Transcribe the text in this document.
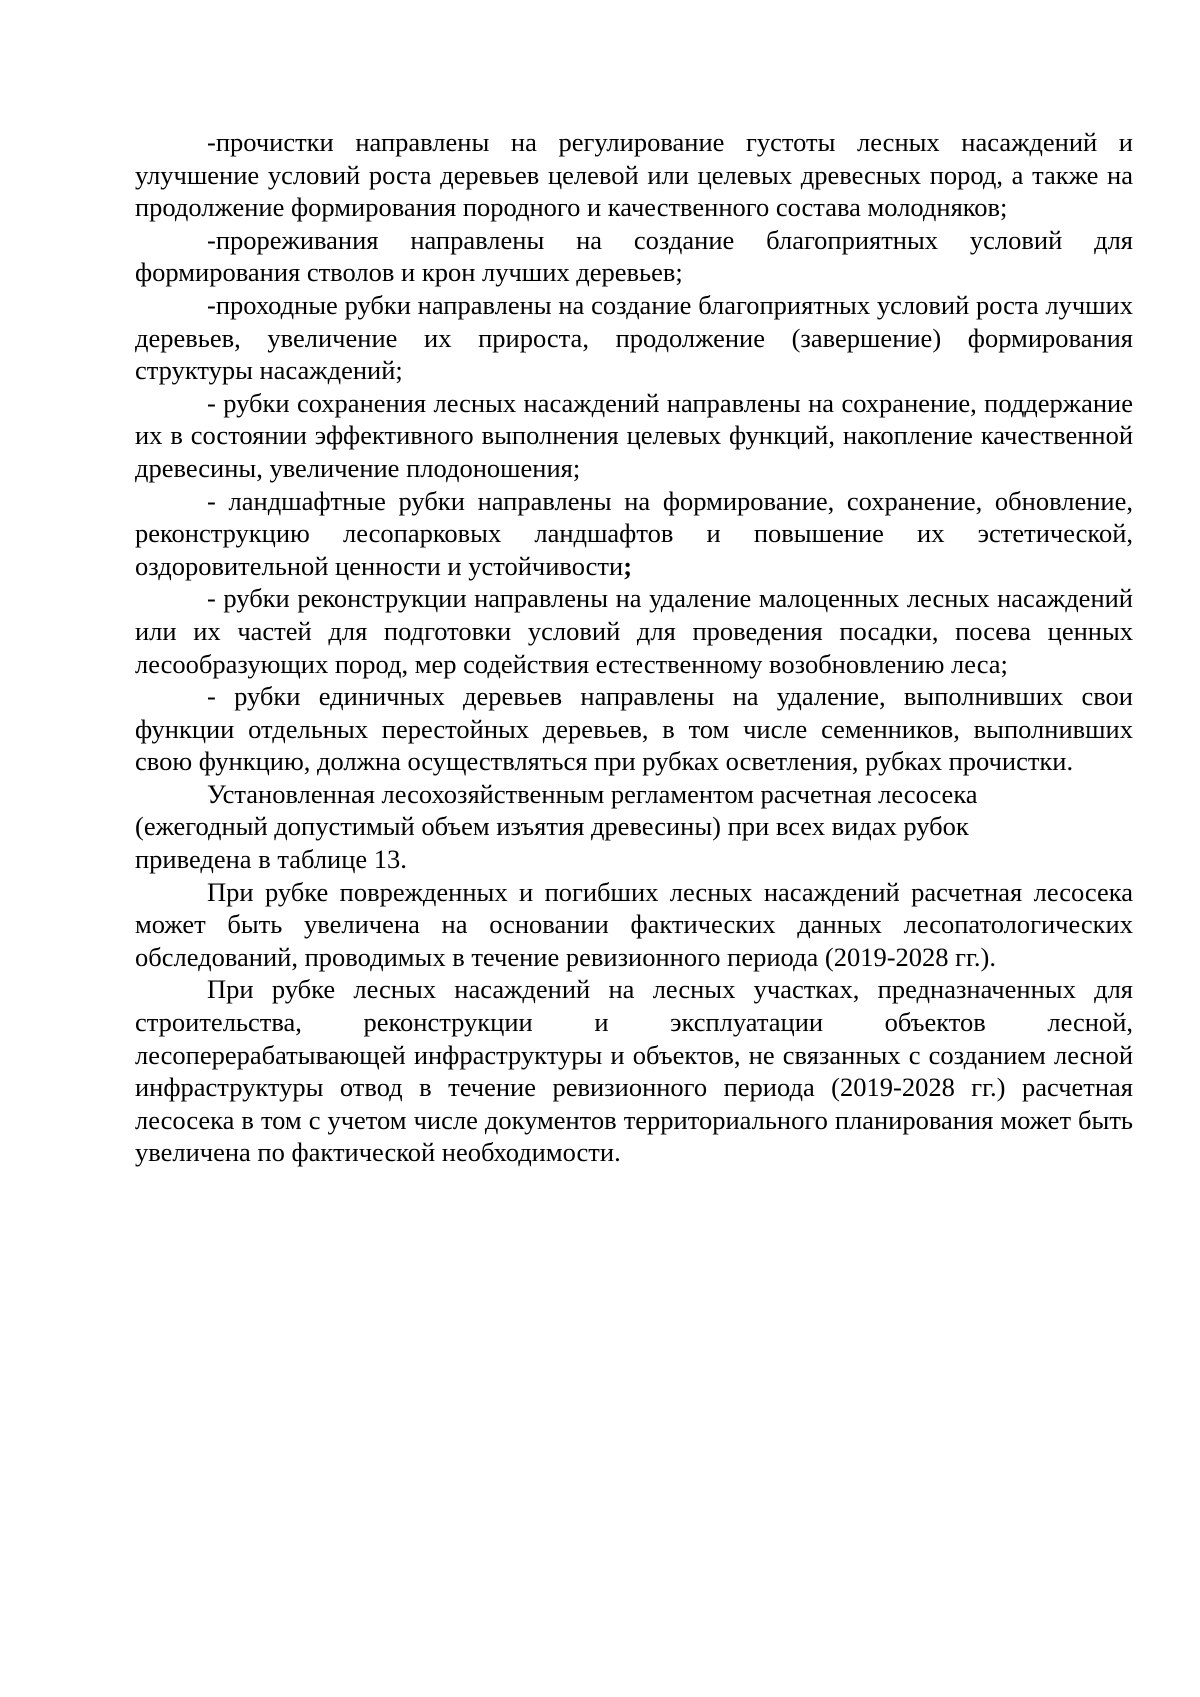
-прочистки направлены на регулирование густоты лесных насаждений и улучшение условий роста деревьев целевой или целевых древесных пород, а также на продолжение формирования породного и качественного состава молодняков;

-прореживания направлены на создание благоприятных условий для формирования стволов и крон лучших деревьев;

-проходные рубки направлены на создание благоприятных условий роста лучших деревьев, увеличение их прироста, продолжение (завершение) формирования структуры насаждений;

- рубки сохранения лесных насаждений направлены на сохранение, поддержание их в состоянии эффективного выполнения целевых функций, накопление качественной древесины, увеличение плодоношения;

- ландшафтные рубки направлены на формирование, сохранение, обновление, реконструкцию лесопарковых ландшафтов и повышение их эстетической, оздоровительной ценности и устойчивости;

- рубки реконструкции направлены на удаление малоценных лесных насаждений или их частей для подготовки условий для проведения посадки, посева ценных лесообразующих пород, мер содействия естественному возобновлению леса;

- рубки единичных деревьев направлены на удаление, выполнивших свои функции отдельных перестойных деревьев, в том числе семенников, выполнивших свою функцию, должна осуществляться при рубках осветления, рубках прочистки.

Установленная лесохозяйственным регламентом расчетная лесосека (ежегодный допустимый объем изъятия древесины) при всех видах рубок приведена в таблице 13.

При рубке поврежденных и погибших лесных насаждений расчетная лесосека может быть увеличена на основании фактических данных лесопатологических обследований, проводимых в течение ревизионного периода (2019-2028 гг.).

При рубке лесных насаждений на лесных участках, предназначенных для строительства, реконструкции и эксплуатации объектов лесной, лесоперерабатывающей инфраструктуры и объектов, не связанных с созданием лесной инфраструктуры отвод в течение ревизионного периода (2019-2028 гг.) расчетная лесосека в том с учетом числе документов территориального планирования может быть увеличена по фактической необходимости.
